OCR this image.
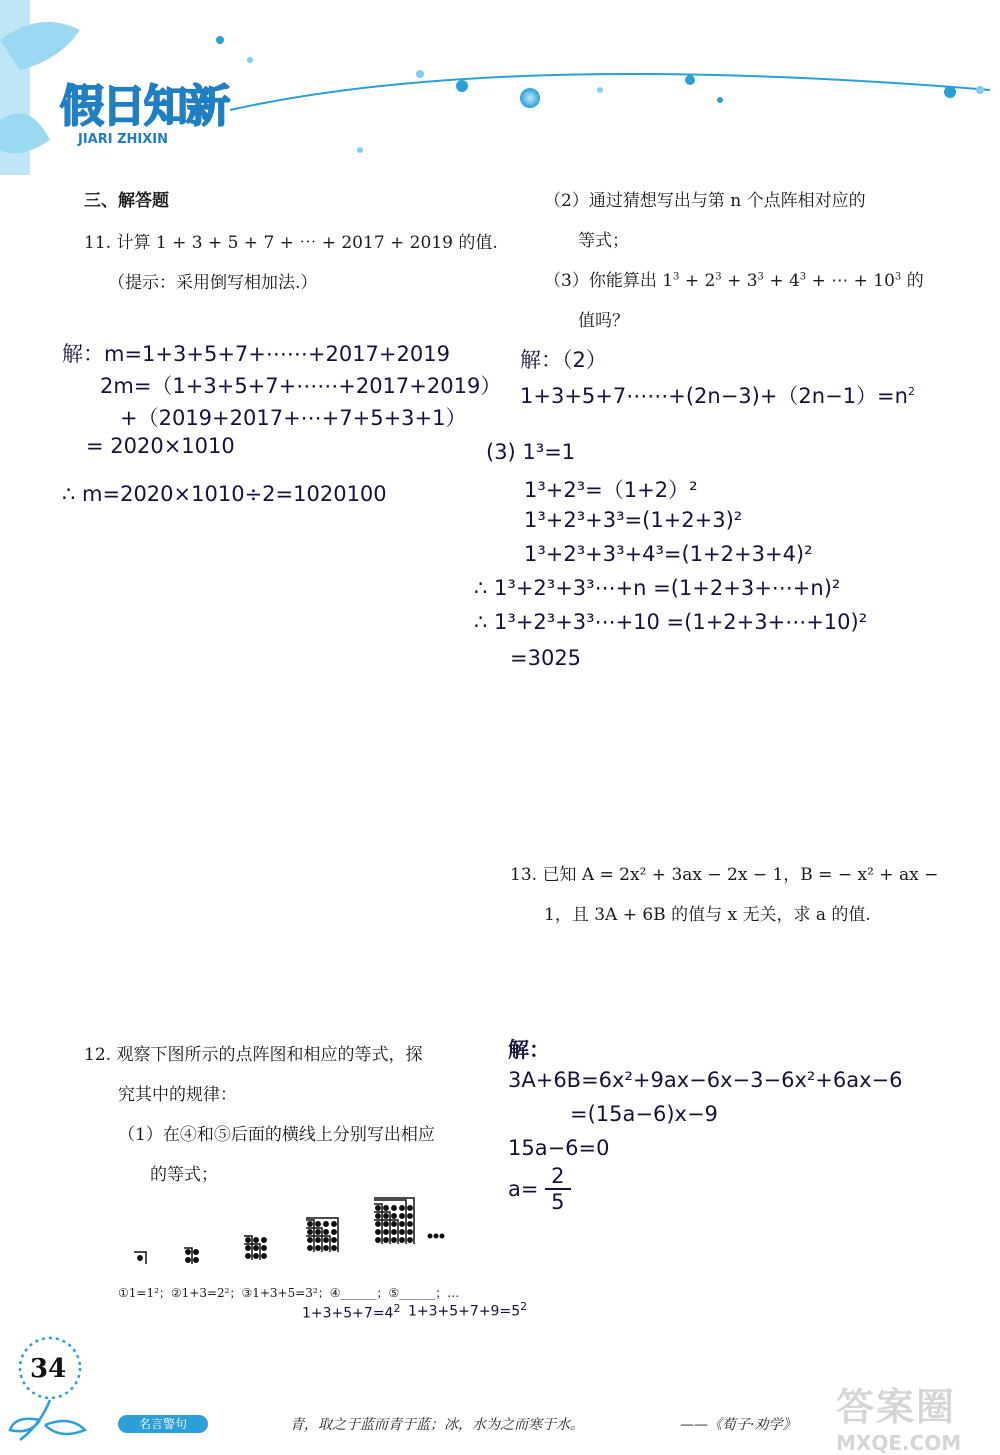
假日知新
JIARI ZHIXIN
三、解答题
11. 计算 1 + 3 + 5 + 7 + ⋯ + 2017 + 2019 的值.
（提示：采用倒写相加法.）
解：m=1+3+5+7+⋯⋯+2017+2019
2m=（1+3+5+7+⋯⋯+2017+2019）
+（2019+2017+⋯+7+5+3+1）
= 2020×1010
∴ m=2020×1010÷2=1020100
（2）通过猜想写出与第 n 个点阵相对应的
等式；
（3）你能算出 $1^3 + 2^3 + 3^3 + 4^3$ + ⋯ + $10^3$ 的
值吗？
解：（2）
$1+3+5+7\cdots\cdots+(2n-3)+(2n-1)=n^2$
(3) 1³=1
1³+2³=（1+2）²
1³+2³+3³=(1+2+3)²
1³+2³+3³+4³=(1+2+3+4)²
∴ 1³+2³+3³⋯+n =(1+2+3+⋯+n)²
∴ 1³+2³+3³⋯+10 =(1+2+3+⋯+10)²
=3025
13. 已知 A = 2x² + 3ax − 2x − 1，B = − x² + ax −
1，且 3A + 6B 的值与 x 无关，求 a 的值.
解：
3A+6B=6x²+9ax−6x−3−6x²+6ax−6
=(15a−6)x−9
15a−6=0
$a= \frac{2}{5}$
12. 观察下图所示的点阵图和相应的等式，探
究其中的规律：
（1）在④和⑤后面的横线上分别写出相应
的等式；
①1=1²；②1+3=2²；③1+3+5=3²；④______；⑤______；…
$1+3+5+7=4^2$ $1+3+5+7+9=5^2$
34
名言警句	青，取之于蓝而青于蓝；冰，水为之而寒于水。	——《荀子·劝学》 答案圈
MXQE.COM
